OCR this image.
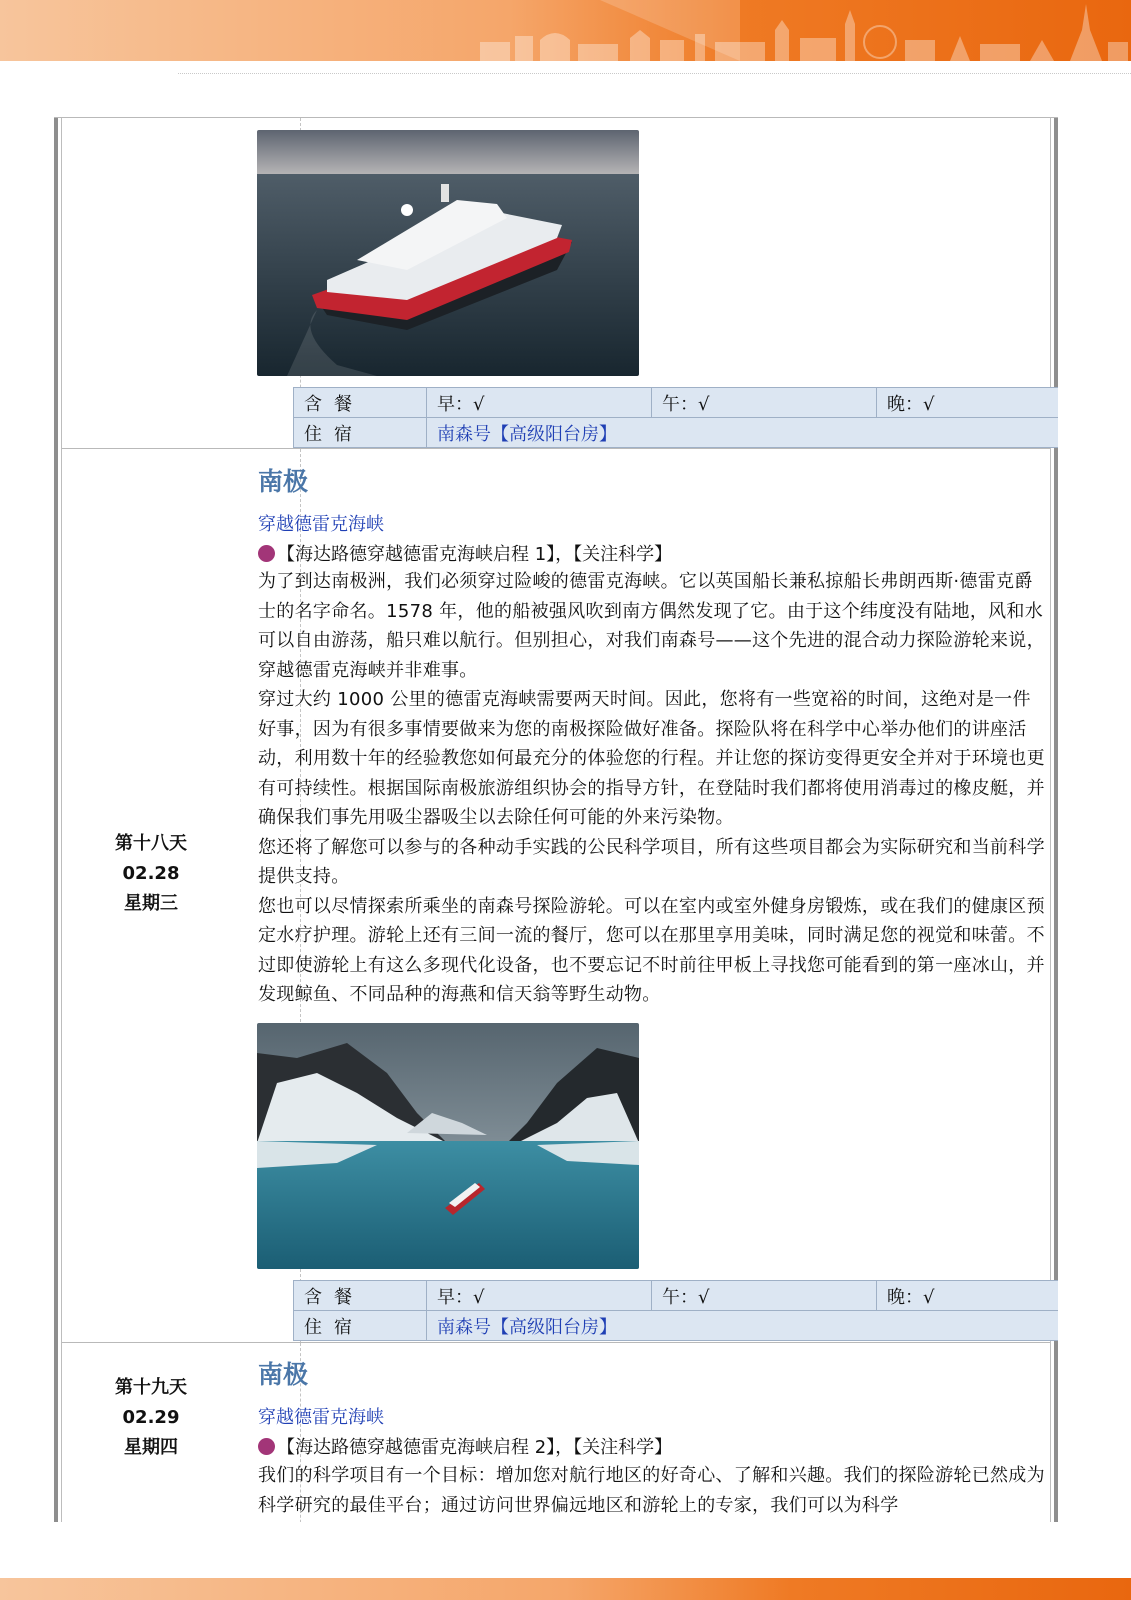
第十八天
02.28
星期三
第十九天
02.29
星期四
含餐	早：√	午：√	晚：√
住宿	南森号【高级阳台房】		
含餐	早：√	午：√	晚：√
住宿	南森号【高级阳台房】		
南极
穿越德雷克海峡
【海达路德穿越德雷克海峡启程 1】，【关注科学】

为了到达南极洲，我们必须穿过险峻的德雷克海峡。它以英国船长兼私掠船长弗朗西斯·德雷克爵士的名字命名。1578 年，他的船被强风吹到南方偶然发现了它。由于这个纬度没有陆地，风和水可以自由游荡，船只难以航行。但别担心，对我们南森号——这个先进的混合动力探险游轮来说，穿越德雷克海峡并非难事。

穿过大约 1000 公里的德雷克海峡需要两天时间。因此，您将有一些宽裕的时间，这绝对是一件好事，因为有很多事情要做来为您的南极探险做好准备。探险队将在科学中心举办他们的讲座活动，利用数十年的经验教您如何最充分的体验您的行程。并让您的探访变得更安全并对于环境也更有可持续性。根据国际南极旅游组织协会的指导方针，在登陆时我们都将使用消毒过的橡皮艇，并确保我们事先用吸尘器吸尘以去除任何可能的外来污染物。

您还将了解您可以参与的各种动手实践的公民科学项目，所有这些项目都会为实际研究和当前科学提供支持。

您也可以尽情探索所乘坐的南森号探险游轮。可以在室内或室外健身房锻炼，或在我们的健康区预定水疗护理。游轮上还有三间一流的餐厅，您可以在那里享用美味，同时满足您的视觉和味蕾。不过即使游轮上有这么多现代化设备，也不要忘记不时前往甲板上寻找您可能看到的第一座冰山，并发现鲸鱼、不同品种的海燕和信天翁等野生动物。

南极
穿越德雷克海峡
【海达路德穿越德雷克海峡启程 2】，【关注科学】

我们的科学项目有一个目标：增加您对航行地区的好奇心、了解和兴趣。我们的探险游轮已然成为科学研究的最佳平台；通过访问世界偏远地区和游轮上的专家，我们可以为科学
